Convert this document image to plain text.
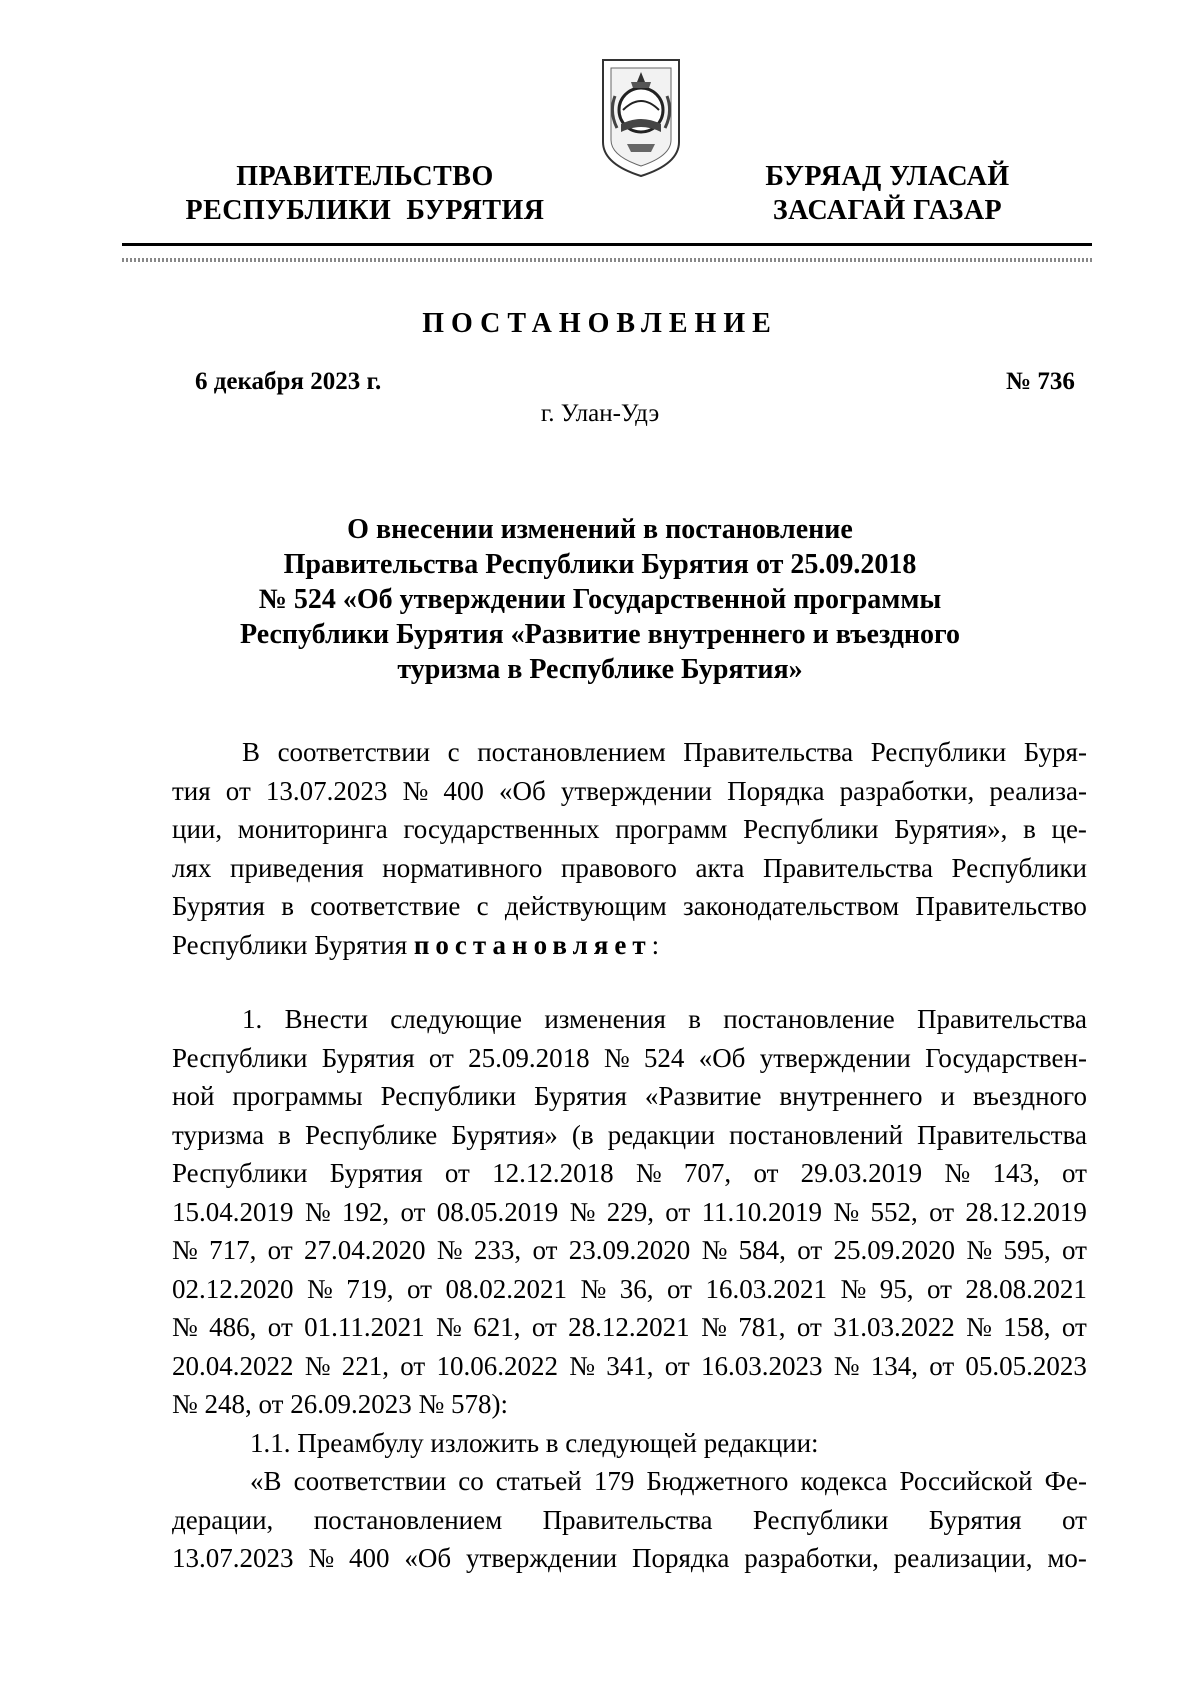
ПРАВИТЕЛЬСТВО
РЕСПУБЛИКИ  БУРЯТИЯ
БУРЯАД УЛАСАЙ
ЗАСАГАЙ ГАЗАР
ПОСТАНОВЛЕНИЕ
6 декабря 2023 г.	№ 736
г. Улан-Удэ
О внесении изменений в постановление
Правительства Республики Бурятия от 25.09.2018
№ 524 «Об утверждении Государственной программы
Республики Бурятия «Развитие внутреннего и въездного
туризма в Республике Бурятия»
В соответствии с постановлением Правительства Республики Буря-
тия от 13.07.2023 № 400 «Об утверждении Порядка разработки, реализа-
ции, мониторинга государственных программ Республики Бурятия», в це-
лях приведения нормативного правового акта Правительства Республики
Бурятия в соответствие с действующим законодательством Правительство
Республики Бурятия постановляет :
1. Внести следующие изменения в постановление Правительства
Республики Бурятия от 25.09.2018 № 524 «Об утверждении Государствен-
ной программы Республики Бурятия «Развитие внутреннего и въездного
туризма в Республике Бурятия» (в редакции постановлений Правительства
Республики Бурятия от 12.12.2018 № 707, от 29.03.2019 № 143, от
15.04.2019 № 192, от 08.05.2019 № 229, от 11.10.2019 № 552, от 28.12.2019
№ 717, от 27.04.2020 № 233, от 23.09.2020 № 584, от 25.09.2020 № 595, от
02.12.2020 № 719, от 08.02.2021 № 36, от 16.03.2021 № 95, от 28.08.2021
№ 486, от 01.11.2021 № 621, от 28.12.2021 № 781, от 31.03.2022 № 158, от
20.04.2022 № 221, от 10.06.2022 № 341, от 16.03.2023 № 134, от 05.05.2023
№ 248, от 26.09.2023 № 578):
1.1. Преамбулу изложить в следующей редакции:
«В соответствии со статьей 179 Бюджетного кодекса Российской Фе-
дерации, постановлением Правительства Республики Бурятия от
13.07.2023 № 400 «Об утверждении Порядка разработки, реализации, мо-
